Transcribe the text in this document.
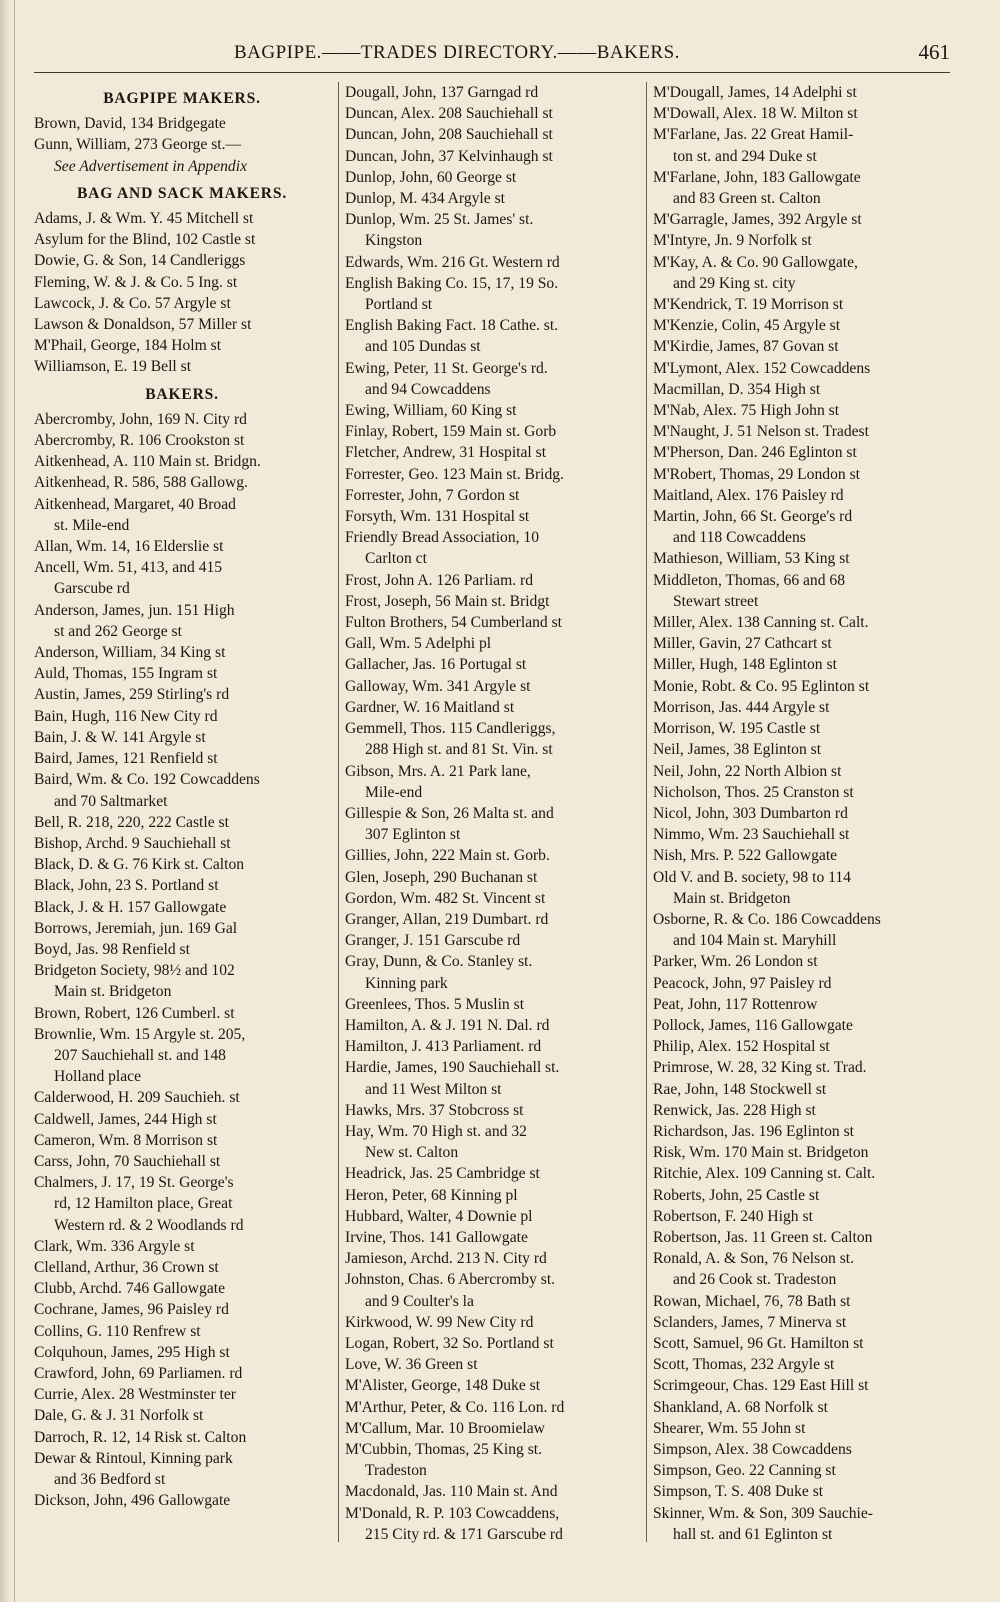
BAGPIPE.——TRADES DIRECTORY.——BAKERS.	461
BAGPIPE MAKERS.
Brown, David, 134 Bridgegate
Gunn, William, 273 George st.—
See Advertisement in Appendix
BAG AND SACK MAKERS.
Adams, J. & Wm. Y. 45 Mitchell st
Asylum for the Blind, 102 Castle st
Dowie, G. & Son, 14 Candleriggs
Fleming, W. & J. & Co. 5 Ing. st
Lawcock, J. & Co. 57 Argyle st
Lawson & Donaldson, 57 Miller st
M'Phail, George, 184 Holm st
Williamson, E. 19 Bell st
BAKERS.
Abercromby, John, 169 N. City rd
Abercromby, R. 106 Crookston st
Aitkenhead, A. 110 Main st. Bridgn.
Aitkenhead, R. 586, 588 Gallowg.
Aitkenhead, Margaret, 40 Broad
st. Mile-end
Allan, Wm. 14, 16 Elderslie st
Ancell, Wm. 51, 413, and 415
Garscube rd
Anderson, James, jun. 151 High
st and 262 George st
Anderson, William, 34 King st
Auld, Thomas, 155 Ingram st
Austin, James, 259 Stirling's rd
Bain, Hugh, 116 New City rd
Bain, J. & W. 141 Argyle st
Baird, James, 121 Renfield st
Baird, Wm. & Co. 192 Cowcaddens
and 70 Saltmarket
Bell, R. 218, 220, 222 Castle st
Bishop, Archd. 9 Sauchiehall st
Black, D. & G. 76 Kirk st. Calton
Black, John, 23 S. Portland st
Black, J. & H. 157 Gallowgate
Borrows, Jeremiah, jun. 169 Gal
Boyd, Jas. 98 Renfield st
Bridgeton Society, 98½ and 102
Main st. Bridgeton
Brown, Robert, 126 Cumberl. st
Brownlie, Wm. 15 Argyle st. 205,
207 Sauchiehall st. and 148
Holland place
Calderwood, H. 209 Sauchieh. st
Caldwell, James, 244 High st
Cameron, Wm. 8 Morrison st
Carss, John, 70 Sauchiehall st
Chalmers, J. 17, 19 St. George's
rd, 12 Hamilton place, Great
Western rd. & 2 Woodlands rd
Clark, Wm. 336 Argyle st
Clelland, Arthur, 36 Crown st
Clubb, Archd. 746 Gallowgate
Cochrane, James, 96 Paisley rd
Collins, G. 110 Renfrew st
Colquhoun, James, 295 High st
Crawford, John, 69 Parliamen. rd
Currie, Alex. 28 Westminster ter
Dale, G. & J. 31 Norfolk st
Darroch, R. 12, 14 Risk st. Calton
Dewar & Rintoul, Kinning park
and 36 Bedford st
Dickson, John, 496 Gallowgate
Dougall, John, 137 Garngad rd
Duncan, Alex. 208 Sauchiehall st
Duncan, John, 208 Sauchiehall st
Duncan, John, 37 Kelvinhaugh st
Dunlop, John, 60 George st
Dunlop, M. 434 Argyle st
Dunlop, Wm. 25 St. James' st.
Kingston
Edwards, Wm. 216 Gt. Western rd
English Baking Co. 15, 17, 19 So.
Portland st
English Baking Fact. 18 Cathe. st.
and 105 Dundas st
Ewing, Peter, 11 St. George's rd.
and 94 Cowcaddens
Ewing, William, 60 King st
Finlay, Robert, 159 Main st. Gorb
Fletcher, Andrew, 31 Hospital st
Forrester, Geo. 123 Main st. Bridg.
Forrester, John, 7 Gordon st
Forsyth, Wm. 131 Hospital st
Friendly Bread Association, 10
Carlton ct
Frost, John A. 126 Parliam. rd
Frost, Joseph, 56 Main st. Bridgt
Fulton Brothers, 54 Cumberland st
Gall, Wm. 5 Adelphi pl
Gallacher, Jas. 16 Portugal st
Galloway, Wm. 341 Argyle st
Gardner, W. 16 Maitland st
Gemmell, Thos. 115 Candleriggs,
288 High st. and 81 St. Vin. st
Gibson, Mrs. A. 21 Park lane,
Mile-end
Gillespie & Son, 26 Malta st. and
307 Eglinton st
Gillies, John, 222 Main st. Gorb.
Glen, Joseph, 290 Buchanan st
Gordon, Wm. 482 St. Vincent st
Granger, Allan, 219 Dumbart. rd
Granger, J. 151 Garscube rd
Gray, Dunn, & Co. Stanley st.
Kinning park
Greenlees, Thos. 5 Muslin st
Hamilton, A. & J. 191 N. Dal. rd
Hamilton, J. 413 Parliament. rd
Hardie, James, 190 Sauchiehall st.
and 11 West Milton st
Hawks, Mrs. 37 Stobcross st
Hay, Wm. 70 High st. and 32
New st. Calton
Headrick, Jas. 25 Cambridge st
Heron, Peter, 68 Kinning pl
Hubbard, Walter, 4 Downie pl
Irvine, Thos. 141 Gallowgate
Jamieson, Archd. 213 N. City rd
Johnston, Chas. 6 Abercromby st.
and 9 Coulter's la
Kirkwood, W. 99 New City rd
Logan, Robert, 32 So. Portland st
Love, W. 36 Green st
M'Alister, George, 148 Duke st
M'Arthur, Peter, & Co. 116 Lon. rd
M'Callum, Mar. 10 Broomielaw
M'Cubbin, Thomas, 25 King st.
Tradeston
Macdonald, Jas. 110 Main st. And
M'Donald, R. P. 103 Cowcaddens,
215 City rd. & 171 Garscube rd
M'Dougall, James, 14 Adelphi st
M'Dowall, Alex. 18 W. Milton st
M'Farlane, Jas. 22 Great Hamil-
ton st. and 294 Duke st
M'Farlane, John, 183 Gallowgate
and 83 Green st. Calton
M'Garragle, James, 392 Argyle st
M'Intyre, Jn. 9 Norfolk st
M'Kay, A. & Co. 90 Gallowgate,
and 29 King st. city
M'Kendrick, T. 19 Morrison st
M'Kenzie, Colin, 45 Argyle st
M'Kirdie, James, 87 Govan st
M'Lymont, Alex. 152 Cowcaddens
Macmillan, D. 354 High st
M'Nab, Alex. 75 High John st
M'Naught, J. 51 Nelson st. Tradest
M'Pherson, Dan. 246 Eglinton st
M'Robert, Thomas, 29 London st
Maitland, Alex. 176 Paisley rd
Martin, John, 66 St. George's rd
and 118 Cowcaddens
Mathieson, William, 53 King st
Middleton, Thomas, 66 and 68
Stewart street
Miller, Alex. 138 Canning st. Calt.
Miller, Gavin, 27 Cathcart st
Miller, Hugh, 148 Eglinton st
Monie, Robt. & Co. 95 Eglinton st
Morrison, Jas. 444 Argyle st
Morrison, W. 195 Castle st
Neil, James, 38 Eglinton st
Neil, John, 22 North Albion st
Nicholson, Thos. 25 Cranston st
Nicol, John, 303 Dumbarton rd
Nimmo, Wm. 23 Sauchiehall st
Nish, Mrs. P. 522 Gallowgate
Old V. and B. society, 98 to 114
Main st. Bridgeton
Osborne, R. & Co. 186 Cowcaddens
and 104 Main st. Maryhill
Parker, Wm. 26 London st
Peacock, John, 97 Paisley rd
Peat, John, 117 Rottenrow
Pollock, James, 116 Gallowgate
Philip, Alex. 152 Hospital st
Primrose, W. 28, 32 King st. Trad.
Rae, John, 148 Stockwell st
Renwick, Jas. 228 High st
Richardson, Jas. 196 Eglinton st
Risk, Wm. 170 Main st. Bridgeton
Ritchie, Alex. 109 Canning st. Calt.
Roberts, John, 25 Castle st
Robertson, F. 240 High st
Robertson, Jas. 11 Green st. Calton
Ronald, A. & Son, 76 Nelson st.
and 26 Cook st. Tradeston
Rowan, Michael, 76, 78 Bath st
Sclanders, James, 7 Minerva st
Scott, Samuel, 96 Gt. Hamilton st
Scott, Thomas, 232 Argyle st
Scrimgeour, Chas. 129 East Hill st
Shankland, A. 68 Norfolk st
Shearer, Wm. 55 John st
Simpson, Alex. 38 Cowcaddens
Simpson, Geo. 22 Canning st
Simpson, T. S. 408 Duke st
Skinner, Wm. & Son, 309 Sauchie-
hall st. and 61 Eglinton st
